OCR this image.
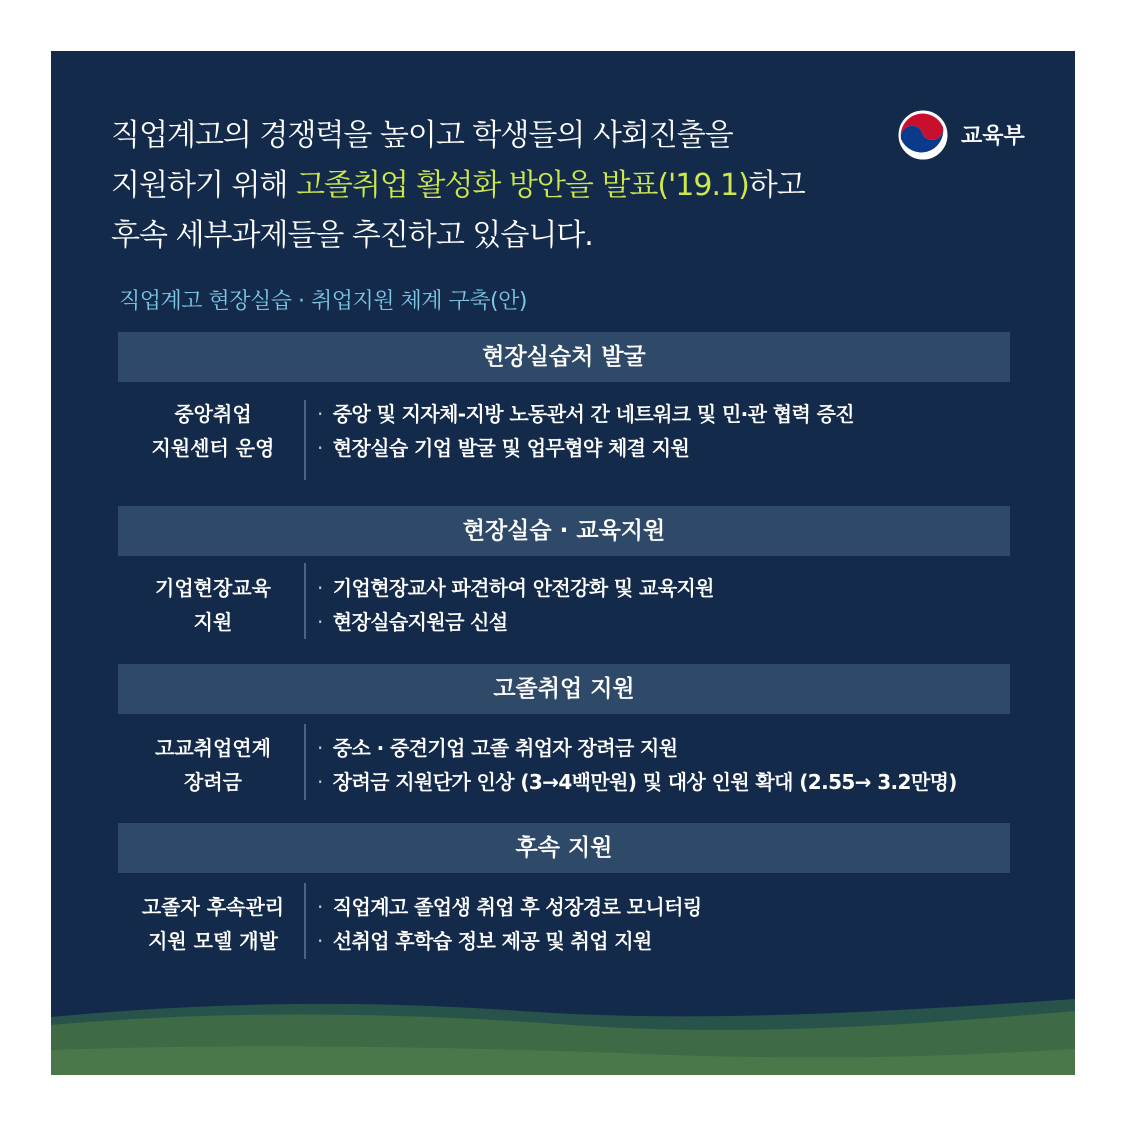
직업계고의 경쟁력을 높이고 학생들의 사회진출을
지원하기 위해 고졸취업 활성화 방안을 발표('19.1)하고
후속 세부과제들을 추진하고 있습니다.
교육부
직업계고 현장실습 · 취업지원 체계 구축(안)
현장실습처 발굴
중앙취업
지원센터 운영
· 중앙 및 지자체-지방 노동관서 간 네트워크 및 민·관 협력 증진
· 현장실습 기업 발굴 및 업무협약 체결 지원
현장실습 · 교육지원
기업현장교육
지원
· 기업현장교사 파견하여 안전강화 및 교육지원
· 현장실습지원금 신설
고졸취업 지원
고교취업연계
장려금
· 중소 · 중견기업 고졸 취업자 장려금 지원
· 장려금 지원단가 인상 (3→4백만원) 및 대상 인원 확대 (2.55→ 3.2만명)
후속 지원
고졸자 후속관리
지원 모델 개발
· 직업계고 졸업생 취업 후 성장경로 모니터링
· 선취업 후학습 정보 제공 및 취업 지원
